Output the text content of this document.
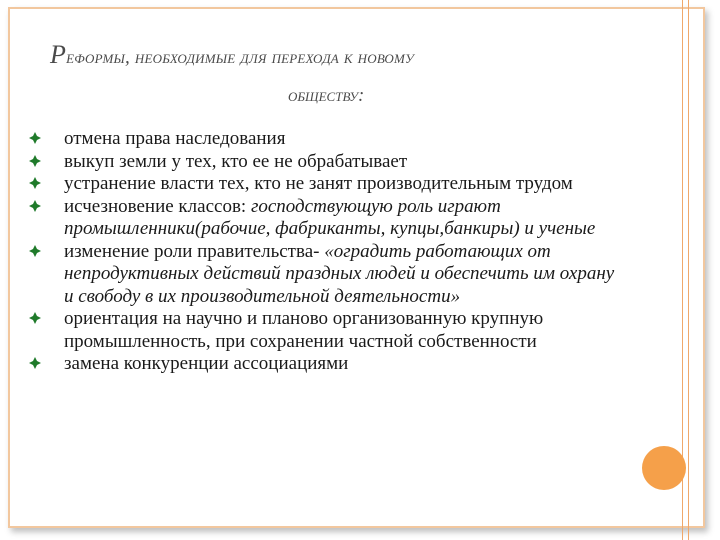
Реформы, необходимые для перехода к новому
обществу:
отмена права наследования
выкуп земли у тех, кто ее не обрабатывает
устранение власти тех, кто не занят производительным трудом
исчезновение классов: господствующую роль играют промышленники(рабочие, фабриканты, купцы,банкиры) и ученые
изменение роли правительства- «оградить работающих от непродуктивных действий праздных людей и обеспечить им охрану и свободу в их производительной деятельности»
ориентация на научно и планово организованную крупную промышленность, при сохранении частной собственности
замена конкуренции ассоциациями
